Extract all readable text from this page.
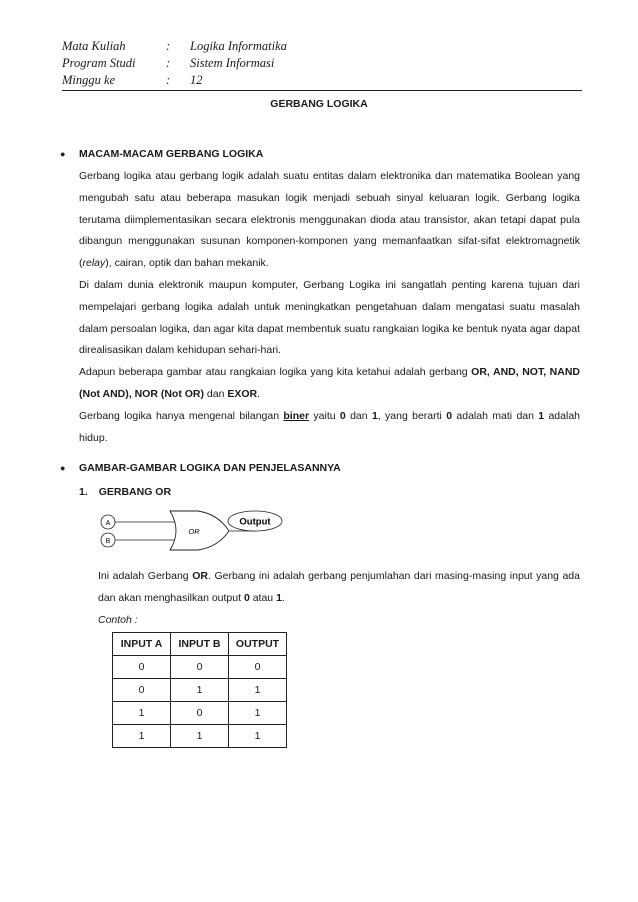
Mata Kuliah	:	Logika Informatika
Program Studi	:	Sistem Informasi
Minggu ke	:	12
GERBANG LOGIKA
● MACAM-MACAM GERBANG LOGIKA
Gerbang logika atau gerbang logik adalah suatu entitas dalam elektronika dan matematika Boolean yang mengubah satu atau beberapa masukan logik menjadi sebuah sinyal keluaran logik. Gerbang logika terutama diimplementasikan secara elektronis menggunakan dioda atau transistor, akan tetapi dapat pula dibangun menggunakan susunan komponen-komponen yang memanfaatkan sifat-sifat elektromagnetik (relay), cairan, optik dan bahan mekanik.
Di dalam dunia elektronik maupun komputer, Gerbang Logika ini sangatlah penting karena tujuan dari mempelajari gerbang logika adalah untuk meningkatkan pengetahuan dalam mengatasi suatu masalah dalam persoalan logika, dan agar kita dapat membentuk suatu rangkaian logika ke bentuk nyata agar dapat direalisasikan dalam kehidupan sehari-hari.
Adapun beberapa gambar atau rangkaian logika yang kita ketahui adalah gerbang OR, AND, NOT, NAND (Not AND), NOR (Not OR) dan EXOR.
Gerbang logika hanya mengenal bilangan biner yaitu 0 dan 1, yang berarti 0 adalah mati dan 1 adalah hidup.
● GAMBAR-GAMBAR LOGIKA DAN PENJELASANNYA
1. GERBANG OR
A
B
OR
Output
Ini adalah Gerbang OR. Gerbang ini adalah gerbang penjumlahan dari masing-masing input yang ada dan akan menghasilkan output 0 atau 1.
Contoh :
INPUT A	INPUT B	OUTPUT
0	0	0
0	1	1
1	0	1
1	1	1
